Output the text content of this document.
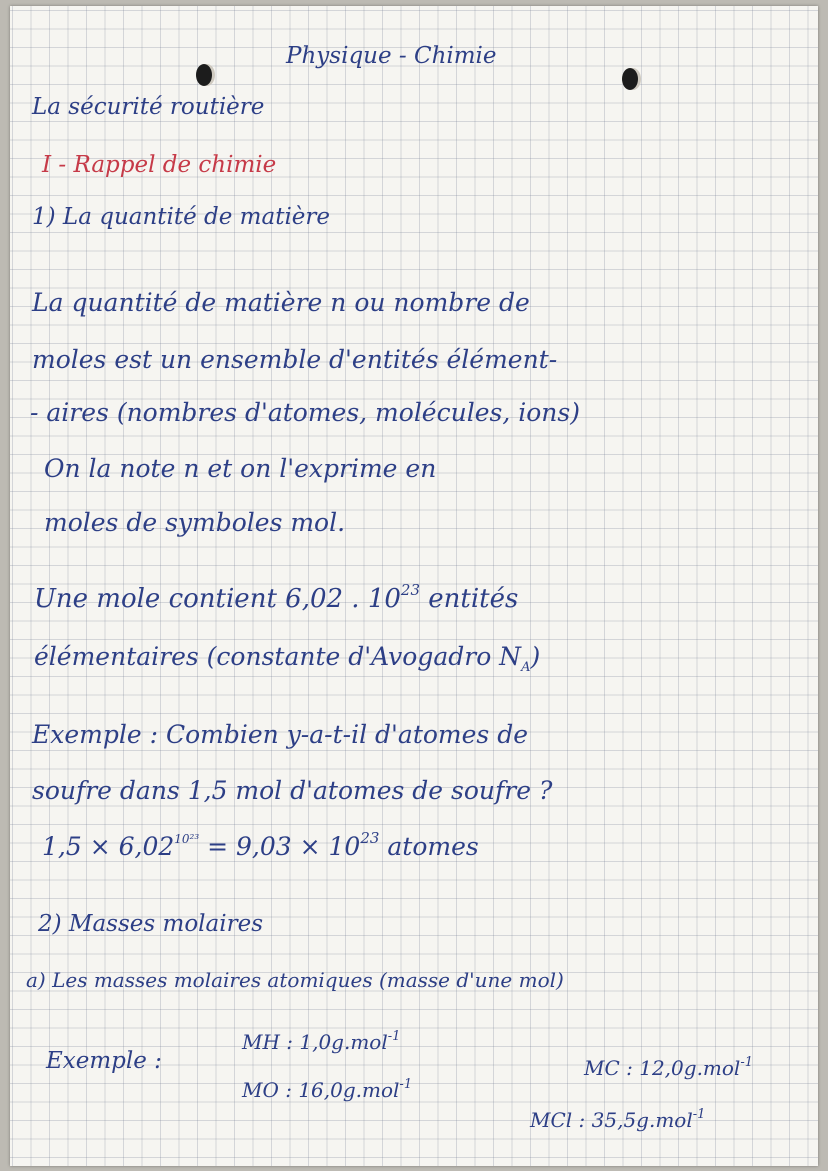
Physique - Chimie
La sécurité routière
I - Rappel de chimie
1) La quantité de matière
La quantité de matière n ou nombre de
moles est un ensemble d'entités élément-
- aires (nombres d'atomes, molécules, ions)
On la note n et on l'exprime en
moles de symboles mol.
Une mole contient 6,02 . $10^{23}$ entités
élémentaires (constante d'Avogadro $N_A$)
Exemple : Combien y-a-t-il d'atomes de
soufre dans 1,5 mol d'atomes de soufre ?
$1,5 \times 6,02^{10^{23}} = 9,03 \times 10^{23}$ atomes
2) Masses molaires
a) Les masses molaires atomiques (masse d'une mol)
Exemple :
MH : 1,0g.mol$^{-1}$
MO : 16,0g.mol$^{-1}$
MC : 12,0g.mol$^{-1}$
MCl : 35,5g.mol$^{-1}$
